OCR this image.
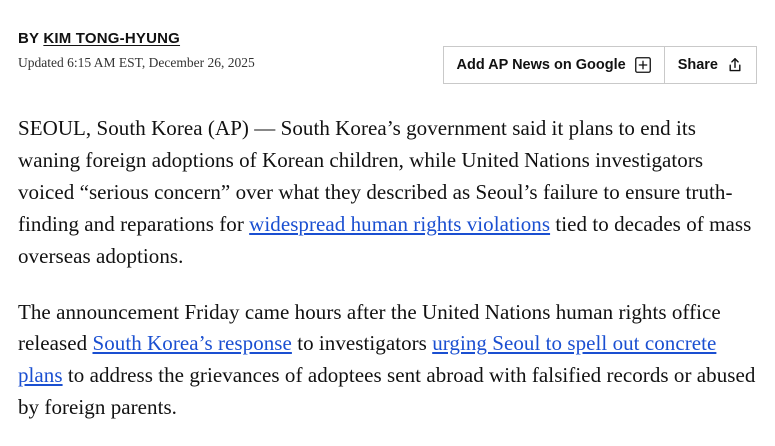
BY KIM TONG-HYUNG
Updated 6:15 AM EST, December 26, 2025	Add AP News on Google	Share

SEOUL, South Korea (AP) — South Korea’s government said it plans to end its waning foreign adoptions of Korean children, while United Nations investigators voiced “serious concern” over what they described as Seoul’s failure to ensure truth-finding and reparations for widespread human rights violations tied to decades of mass overseas adoptions.

The announcement Friday came hours after the United Nations human rights office released South Korea’s response to investigators urging Seoul to spell out concrete plans to address the grievances of adoptees sent abroad with falsified records or abused by foreign parents.
